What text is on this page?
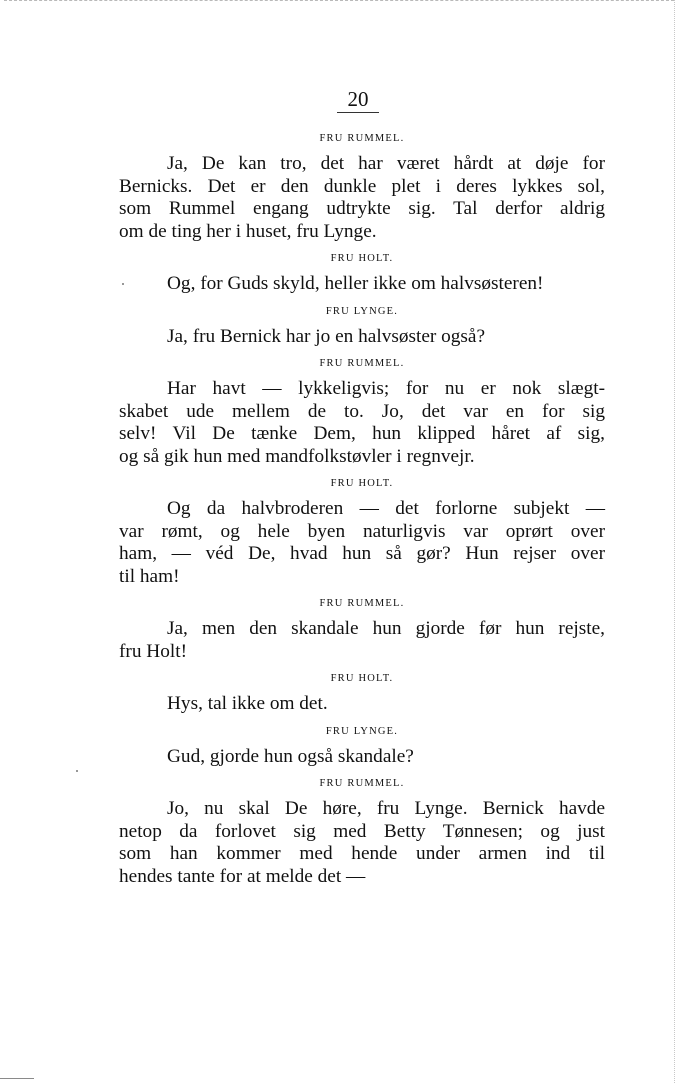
20
FRU RUMMEL.
Ja, De kan tro, det har været hårdt at døje for
Bernicks. Det er den dunkle plet i deres lykkes sol,
som Rummel engang udtrykte sig. Tal derfor aldrig
om de ting her i huset, fru Lynge.
FRU HOLT.
Og, for Guds skyld, heller ikke om halvsøsteren!
FRU LYNGE.
Ja, fru Bernick har jo en halvsøster også?
FRU RUMMEL.
Har havt — lykkeligvis; for nu er nok slægt-
skabet ude mellem de to. Jo, det var en for sig
selv! Vil De tænke Dem, hun klipped håret af sig,
og så gik hun med mandfolkstøvler i regnvejr.
FRU HOLT.
Og da halvbroderen — det forlorne subjekt —
var rømt, og hele byen naturligvis var oprørt over
ham, — véd De, hvad hun så gør? Hun rejser over
til ham!
FRU RUMMEL.
Ja, men den skandale hun gjorde før hun rejste,
fru Holt!
FRU HOLT.
Hys, tal ikke om det.
FRU LYNGE.
Gud, gjorde hun også skandale?
FRU RUMMEL.
Jo, nu skal De høre, fru Lynge. Bernick havde
netop da forlovet sig med Betty Tønnesen; og just
som han kommer med hende under armen ind til
hendes tante for at melde det —
